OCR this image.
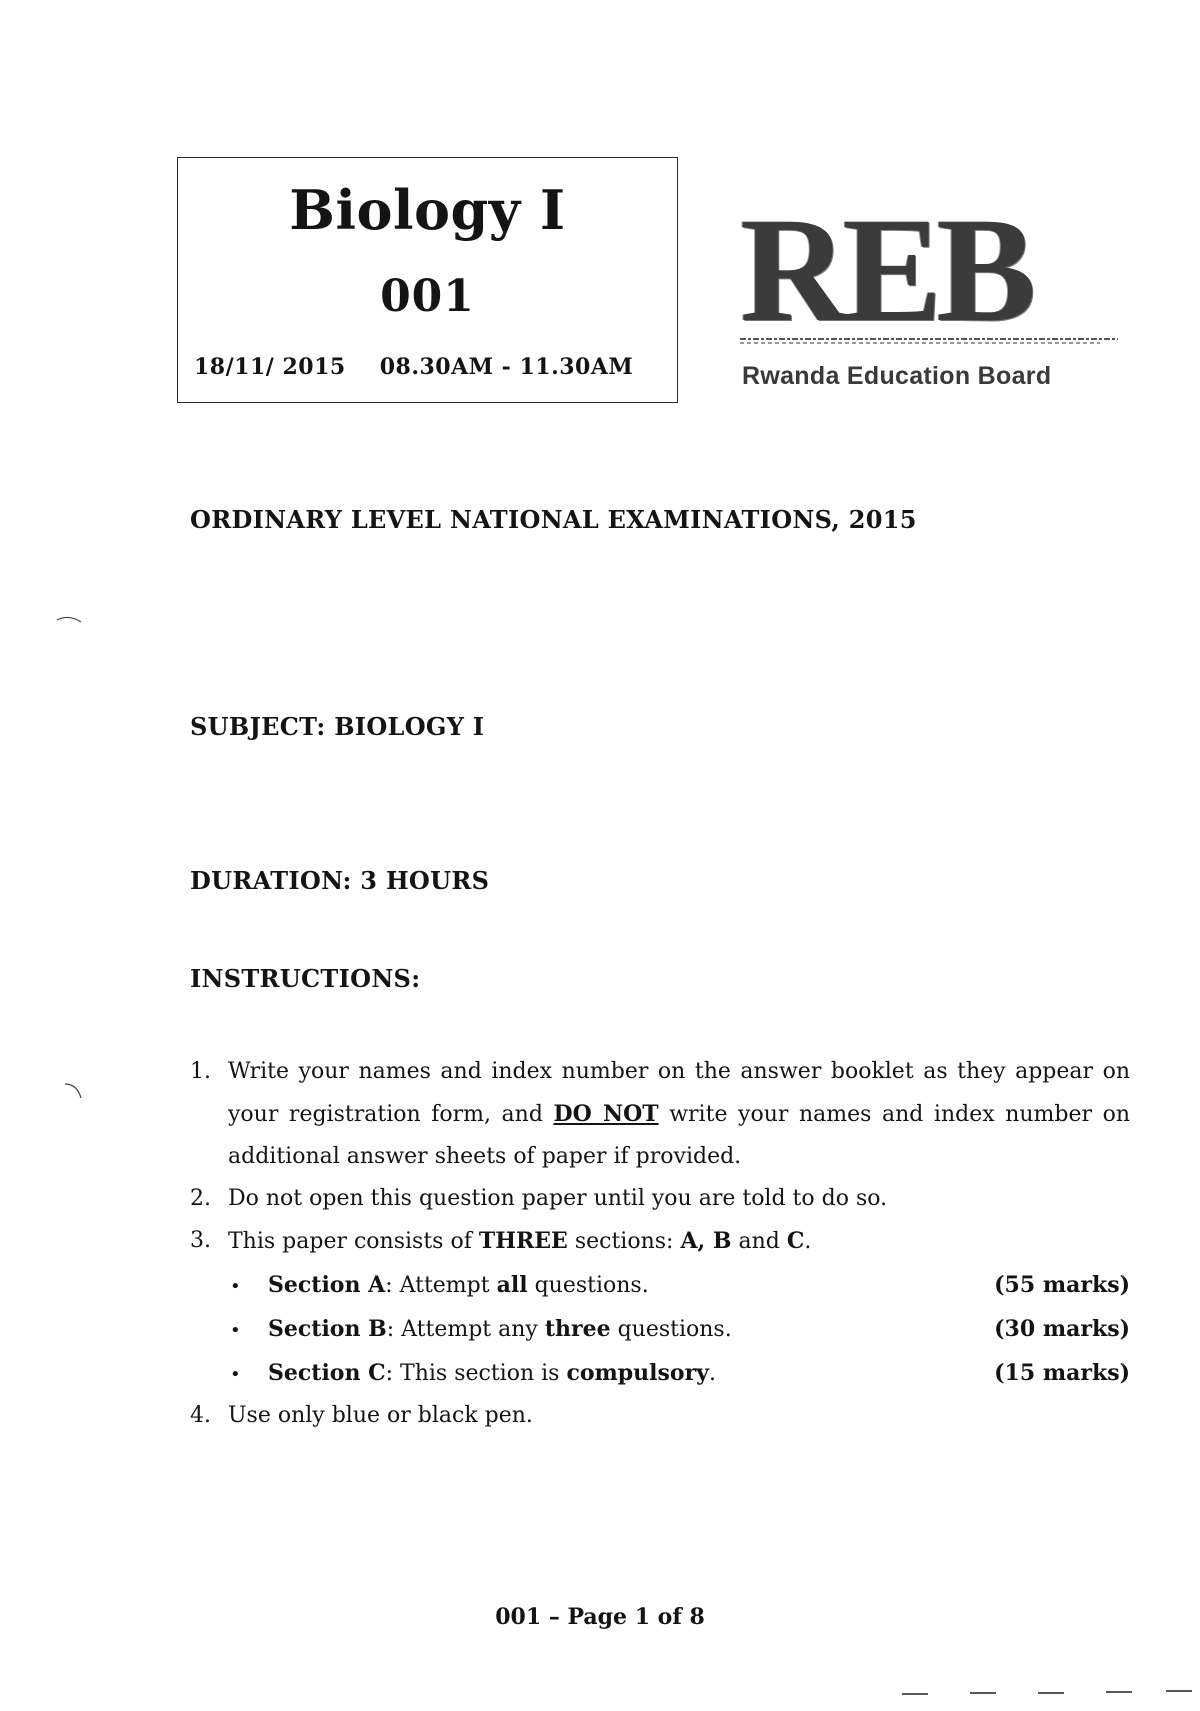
Biology I
001
18/11/ 2015 08.30AM - 11.30AM
REB
Rwanda Education Board
ORDINARY LEVEL NATIONAL EXAMINATIONS, 2015
SUBJECT: BIOLOGY I
DURATION: 3 HOURS
INSTRUCTIONS:
1. Write your names and index number on the answer booklet as they appear on your registration form, and DO NOT write your names and index number on additional answer sheets of paper if provided.
2. Do not open this question paper until you are told to do so.
3. This paper consists of THREE sections: A, B and C.
•	Section A: Attempt all questions.	(55 marks)
•	Section B: Attempt any three questions.	(30 marks)
•	Section C: This section is compulsory.	(15 marks)
4. Use only blue or black pen.
001 – Page 1 of 8
